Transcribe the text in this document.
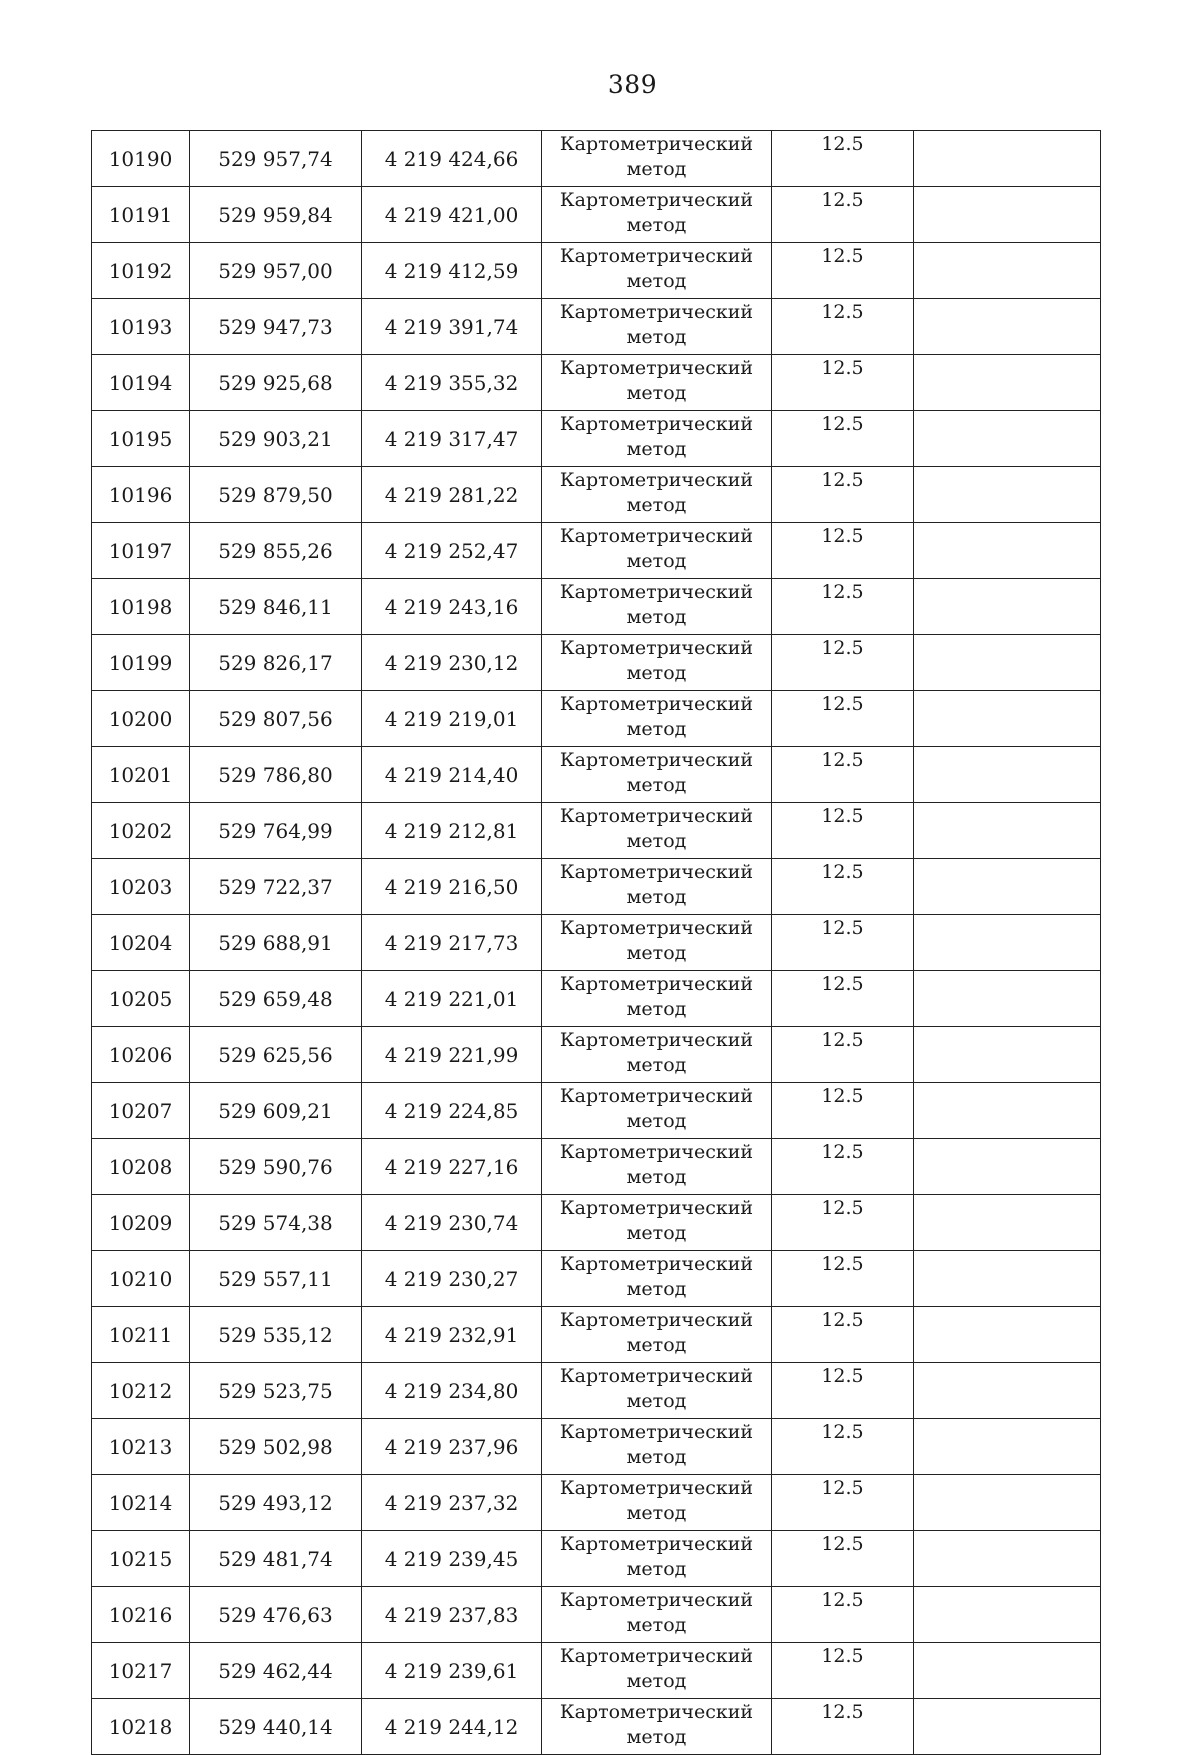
389
10190	529 957,74	4 219 424,66	Картометрический
метод	12.5	
10191	529 959,84	4 219 421,00	Картометрический
метод	12.5	
10192	529 957,00	4 219 412,59	Картометрический
метод	12.5	
10193	529 947,73	4 219 391,74	Картометрический
метод	12.5	
10194	529 925,68	4 219 355,32	Картометрический
метод	12.5	
10195	529 903,21	4 219 317,47	Картометрический
метод	12.5	
10196	529 879,50	4 219 281,22	Картометрический
метод	12.5	
10197	529 855,26	4 219 252,47	Картометрический
метод	12.5	
10198	529 846,11	4 219 243,16	Картометрический
метод	12.5	
10199	529 826,17	4 219 230,12	Картометрический
метод	12.5	
10200	529 807,56	4 219 219,01	Картометрический
метод	12.5	
10201	529 786,80	4 219 214,40	Картометрический
метод	12.5	
10202	529 764,99	4 219 212,81	Картометрический
метод	12.5	
10203	529 722,37	4 219 216,50	Картометрический
метод	12.5	
10204	529 688,91	4 219 217,73	Картометрический
метод	12.5	
10205	529 659,48	4 219 221,01	Картометрический
метод	12.5	
10206	529 625,56	4 219 221,99	Картометрический
метод	12.5	
10207	529 609,21	4 219 224,85	Картометрический
метод	12.5	
10208	529 590,76	4 219 227,16	Картометрический
метод	12.5	
10209	529 574,38	4 219 230,74	Картометрический
метод	12.5	
10210	529 557,11	4 219 230,27	Картометрический
метод	12.5	
10211	529 535,12	4 219 232,91	Картометрический
метод	12.5	
10212	529 523,75	4 219 234,80	Картометрический
метод	12.5	
10213	529 502,98	4 219 237,96	Картометрический
метод	12.5	
10214	529 493,12	4 219 237,32	Картометрический
метод	12.5	
10215	529 481,74	4 219 239,45	Картометрический
метод	12.5	
10216	529 476,63	4 219 237,83	Картометрический
метод	12.5	
10217	529 462,44	4 219 239,61	Картометрический
метод	12.5	
10218	529 440,14	4 219 244,12	Картометрический
метод	12.5	
